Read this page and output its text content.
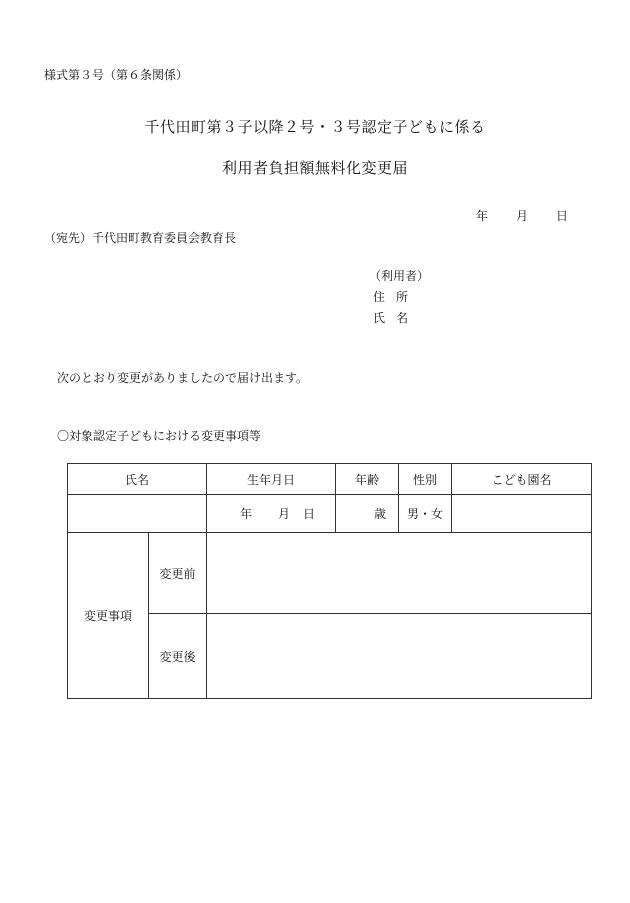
様式第３号（第６条関係）
千代田町第３子以降２号・３号認定子どもに係る
利用者負担額無料化変更届
年 月 日
（宛先）千代田町教育委員会教育長
（利用者）
住所
氏名
次のとおり変更がありましたので届け出ます。
〇対象認定子どもにおける変更事項等
氏名		生年月日	年齢	性別	こども園名
		年 月 日	歳	男・女	
変更事項	変更前				
	変更後				
